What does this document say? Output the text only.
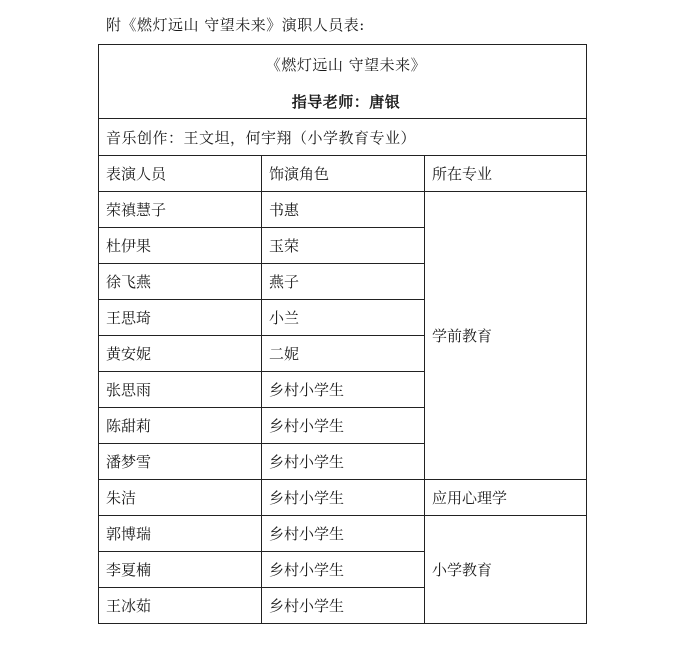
附《燃灯远山 守望未来》演职人员表:
《燃灯远山 守望未来》
指导老师：唐银		

音乐创作：王文坦，何宇翔（小学教育专业）		
表演人员	饰演角色	所在专业
荣禛慧子	书惠	学前教育
杜伊果	玉荣	
徐飞燕	燕子	
王思琦	小兰	
黄安妮	二妮	
张思雨	乡村小学生	
陈甜莉	乡村小学生	
潘梦雪	乡村小学生	
朱洁	乡村小学生	应用心理学
郭博瑞	乡村小学生	小学教育
李夏楠	乡村小学生	
王冰茹	乡村小学生	
